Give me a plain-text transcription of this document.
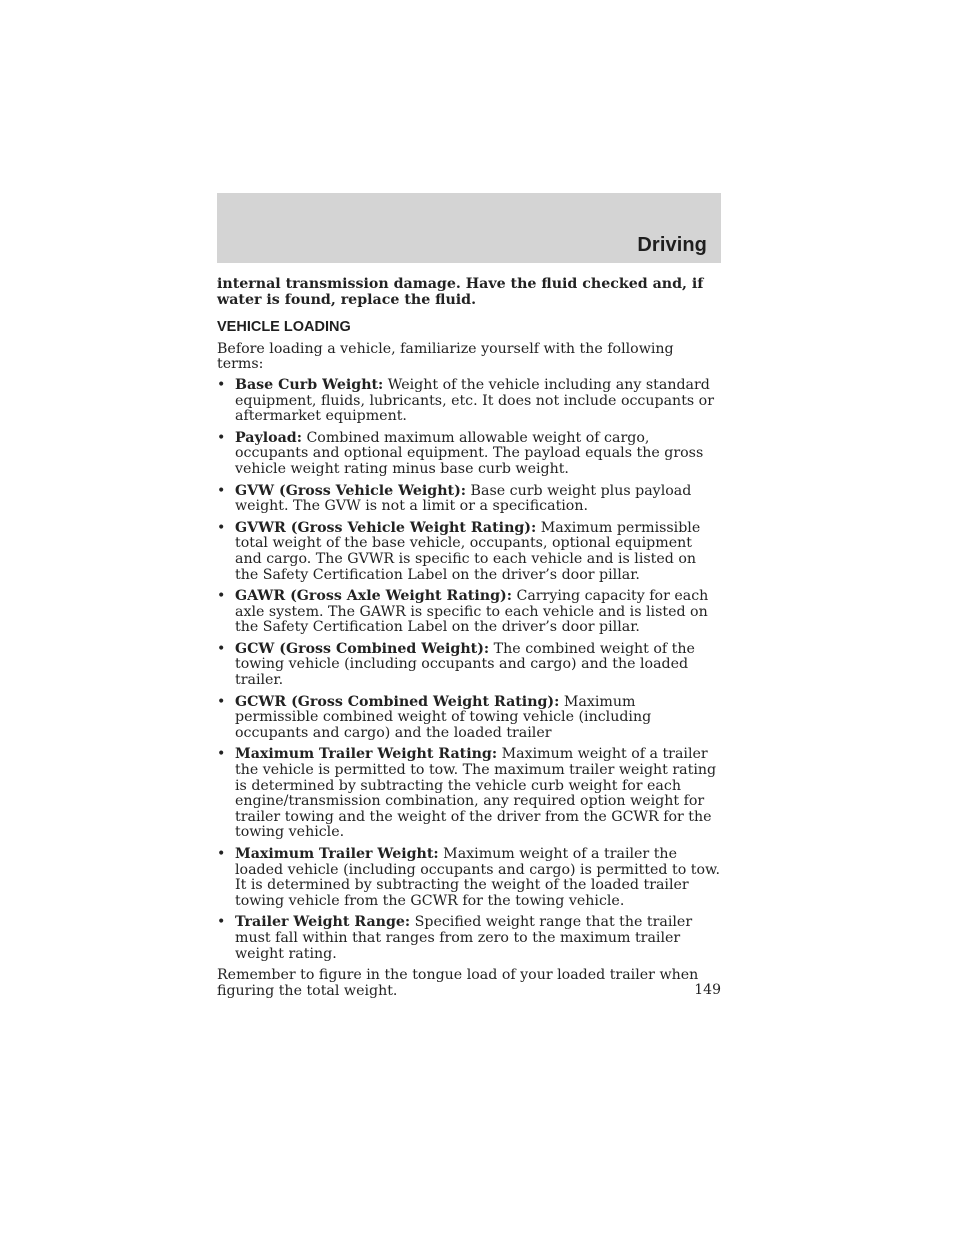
Driving

internal transmission damage. Have the fluid checked and, if water is found, replace the fluid.

VEHICLE LOADING

Before loading a vehicle, familiarize yourself with the following terms:

• Base Curb Weight: Weight of the vehicle including any standard equipment, fluids, lubricants, etc. It does not include occupants or aftermarket equipment.
• Payload: Combined maximum allowable weight of cargo, occupants and optional equipment. The payload equals the gross vehicle weight rating minus base curb weight.
• GVW (Gross Vehicle Weight): Base curb weight plus payload weight. The GVW is not a limit or a specification.
• GVWR (Gross Vehicle Weight Rating): Maximum permissible total weight of the base vehicle, occupants, optional equipment and cargo. The GVWR is specific to each vehicle and is listed on the Safety Certification Label on the driver’s door pillar.
• GAWR (Gross Axle Weight Rating): Carrying capacity for each axle system. The GAWR is specific to each vehicle and is listed on the Safety Certification Label on the driver’s door pillar.
• GCW (Gross Combined Weight): The combined weight of the towing vehicle (including occupants and cargo) and the loaded trailer.
• GCWR (Gross Combined Weight Rating): Maximum permissible combined weight of towing vehicle (including occupants and cargo) and the loaded trailer
• Maximum Trailer Weight Rating: Maximum weight of a trailer the vehicle is permitted to tow. The maximum trailer weight rating is determined by subtracting the vehicle curb weight for each engine/transmission combination, any required option weight for trailer towing and the weight of the driver from the GCWR for the towing vehicle.
• Maximum Trailer Weight: Maximum weight of a trailer the loaded vehicle (including occupants and cargo) is permitted to tow. It is determined by subtracting the weight of the loaded trailer towing vehicle from the GCWR for the towing vehicle.
• Trailer Weight Range: Specified weight range that the trailer must fall within that ranges from zero to the maximum trailer weight rating.

Remember to figure in the tongue load of your loaded trailer when figuring the total weight.	149
